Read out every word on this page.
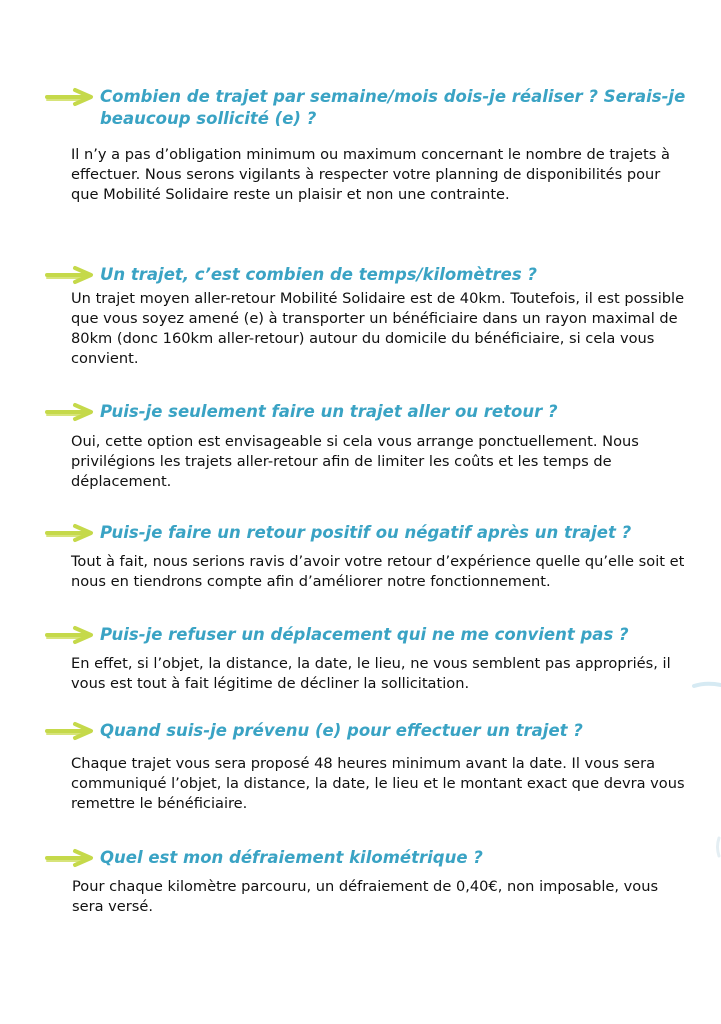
Combien de trajet par semaine/mois dois-je réaliser ? Serais-je beaucoup sollicité (e) ?

Il n’y a pas d’obligation minimum ou maximum concernant le nombre de trajets à effectuer. Nous serons vigilants à respecter votre planning de disponibilités pour que Mobilité Solidaire reste un plaisir et non une contrainte.

Un trajet, c’est combien de temps/kilomètres ?

Un trajet moyen aller-retour Mobilité Solidaire est de 40km. Toutefois, il est possible que vous soyez amené (e) à transporter un bénéficiaire dans un rayon maximal de 80km (donc 160km aller-retour) autour du domicile du bénéficiaire, si cela vous convient.

Puis-je seulement faire un trajet aller ou retour ?

Oui, cette option est envisageable si cela vous arrange ponctuellement. Nous privilégions les trajets aller-retour afin de limiter les coûts et les temps de déplacement.

Puis-je faire un retour positif ou négatif après un trajet ?

Tout à fait, nous serions ravis d’avoir votre retour d’expérience quelle qu’elle soit et nous en tiendrons compte afin d’améliorer notre fonctionnement.

Puis-je refuser un déplacement qui ne me convient pas ?

En effet, si l’objet, la distance, la date, le lieu, ne vous semblent pas appropriés, il vous est tout à fait légitime de décliner la sollicitation.

Quand suis-je prévenu (e) pour effectuer un trajet ?

Chaque trajet vous sera proposé 48 heures minimum avant la date. Il vous sera communiqué l’objet, la distance, la date, le lieu et le montant exact que devra vous remettre le bénéficiaire.

Quel est mon défraiement kilométrique ?

Pour chaque kilomètre parcouru, un défraiement de 0,40€, non imposable, vous sera versé.
